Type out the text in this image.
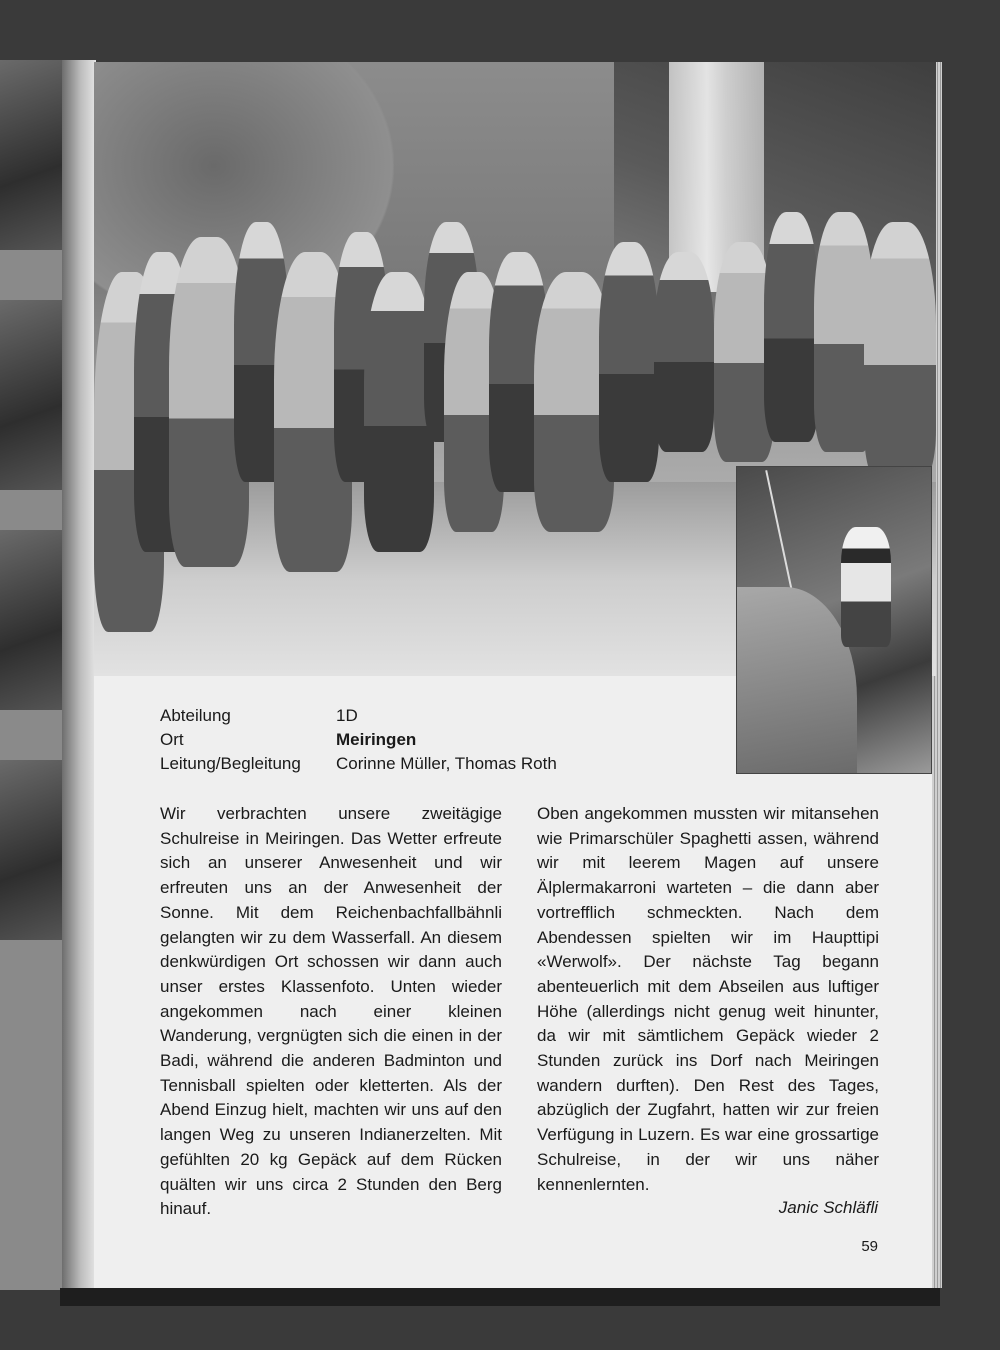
Abteilung	1D
Ort	Meiringen
Leitung/Begleitung	Corinne Müller, Thomas Roth
Wir verbrachten unsere zweitägige Schulreise in Meiringen. Das Wetter erfreute sich an unserer Anwesenheit und wir erfreuten uns an der Anwesenheit der Sonne. Mit dem Reichenbachfallbähnli gelangten wir zu dem Wasserfall. An diesem denkwürdigen Ort schossen wir dann auch unser erstes Klassenfoto. Unten wieder angekommen nach einer kleinen Wanderung, vergnügten sich die einen in der Badi, während die anderen Badminton und Tennisball spielten oder kletterten. Als der Abend Einzug hielt, machten wir uns auf den langen Weg zu unseren Indianerzelten. Mit gefühlten 20 kg Gepäck auf dem Rücken quälten wir uns circa 2 Stunden den Berg hinauf.
Oben angekommen mussten wir mitansehen wie Primarschüler Spaghetti assen, während wir mit leerem Magen auf unsere Älplermakarroni warteten – die dann aber vortrefflich schmeckten. Nach dem Abendessen spielten wir im Haupttipi «Werwolf». Der nächste Tag begann abenteuerlich mit dem Abseilen aus luftiger Höhe (allerdings nicht genug weit hinunter, da wir mit sämtlichem Gepäck wieder 2 Stunden zurück ins Dorf nach Meiringen wandern durften). Den Rest des Tages, abzüglich der Zugfahrt, hatten wir zur freien Verfügung in Luzern. Es war eine grossartige Schulreise, in der wir uns näher kennenlernten.
Janic Schläfli
59
